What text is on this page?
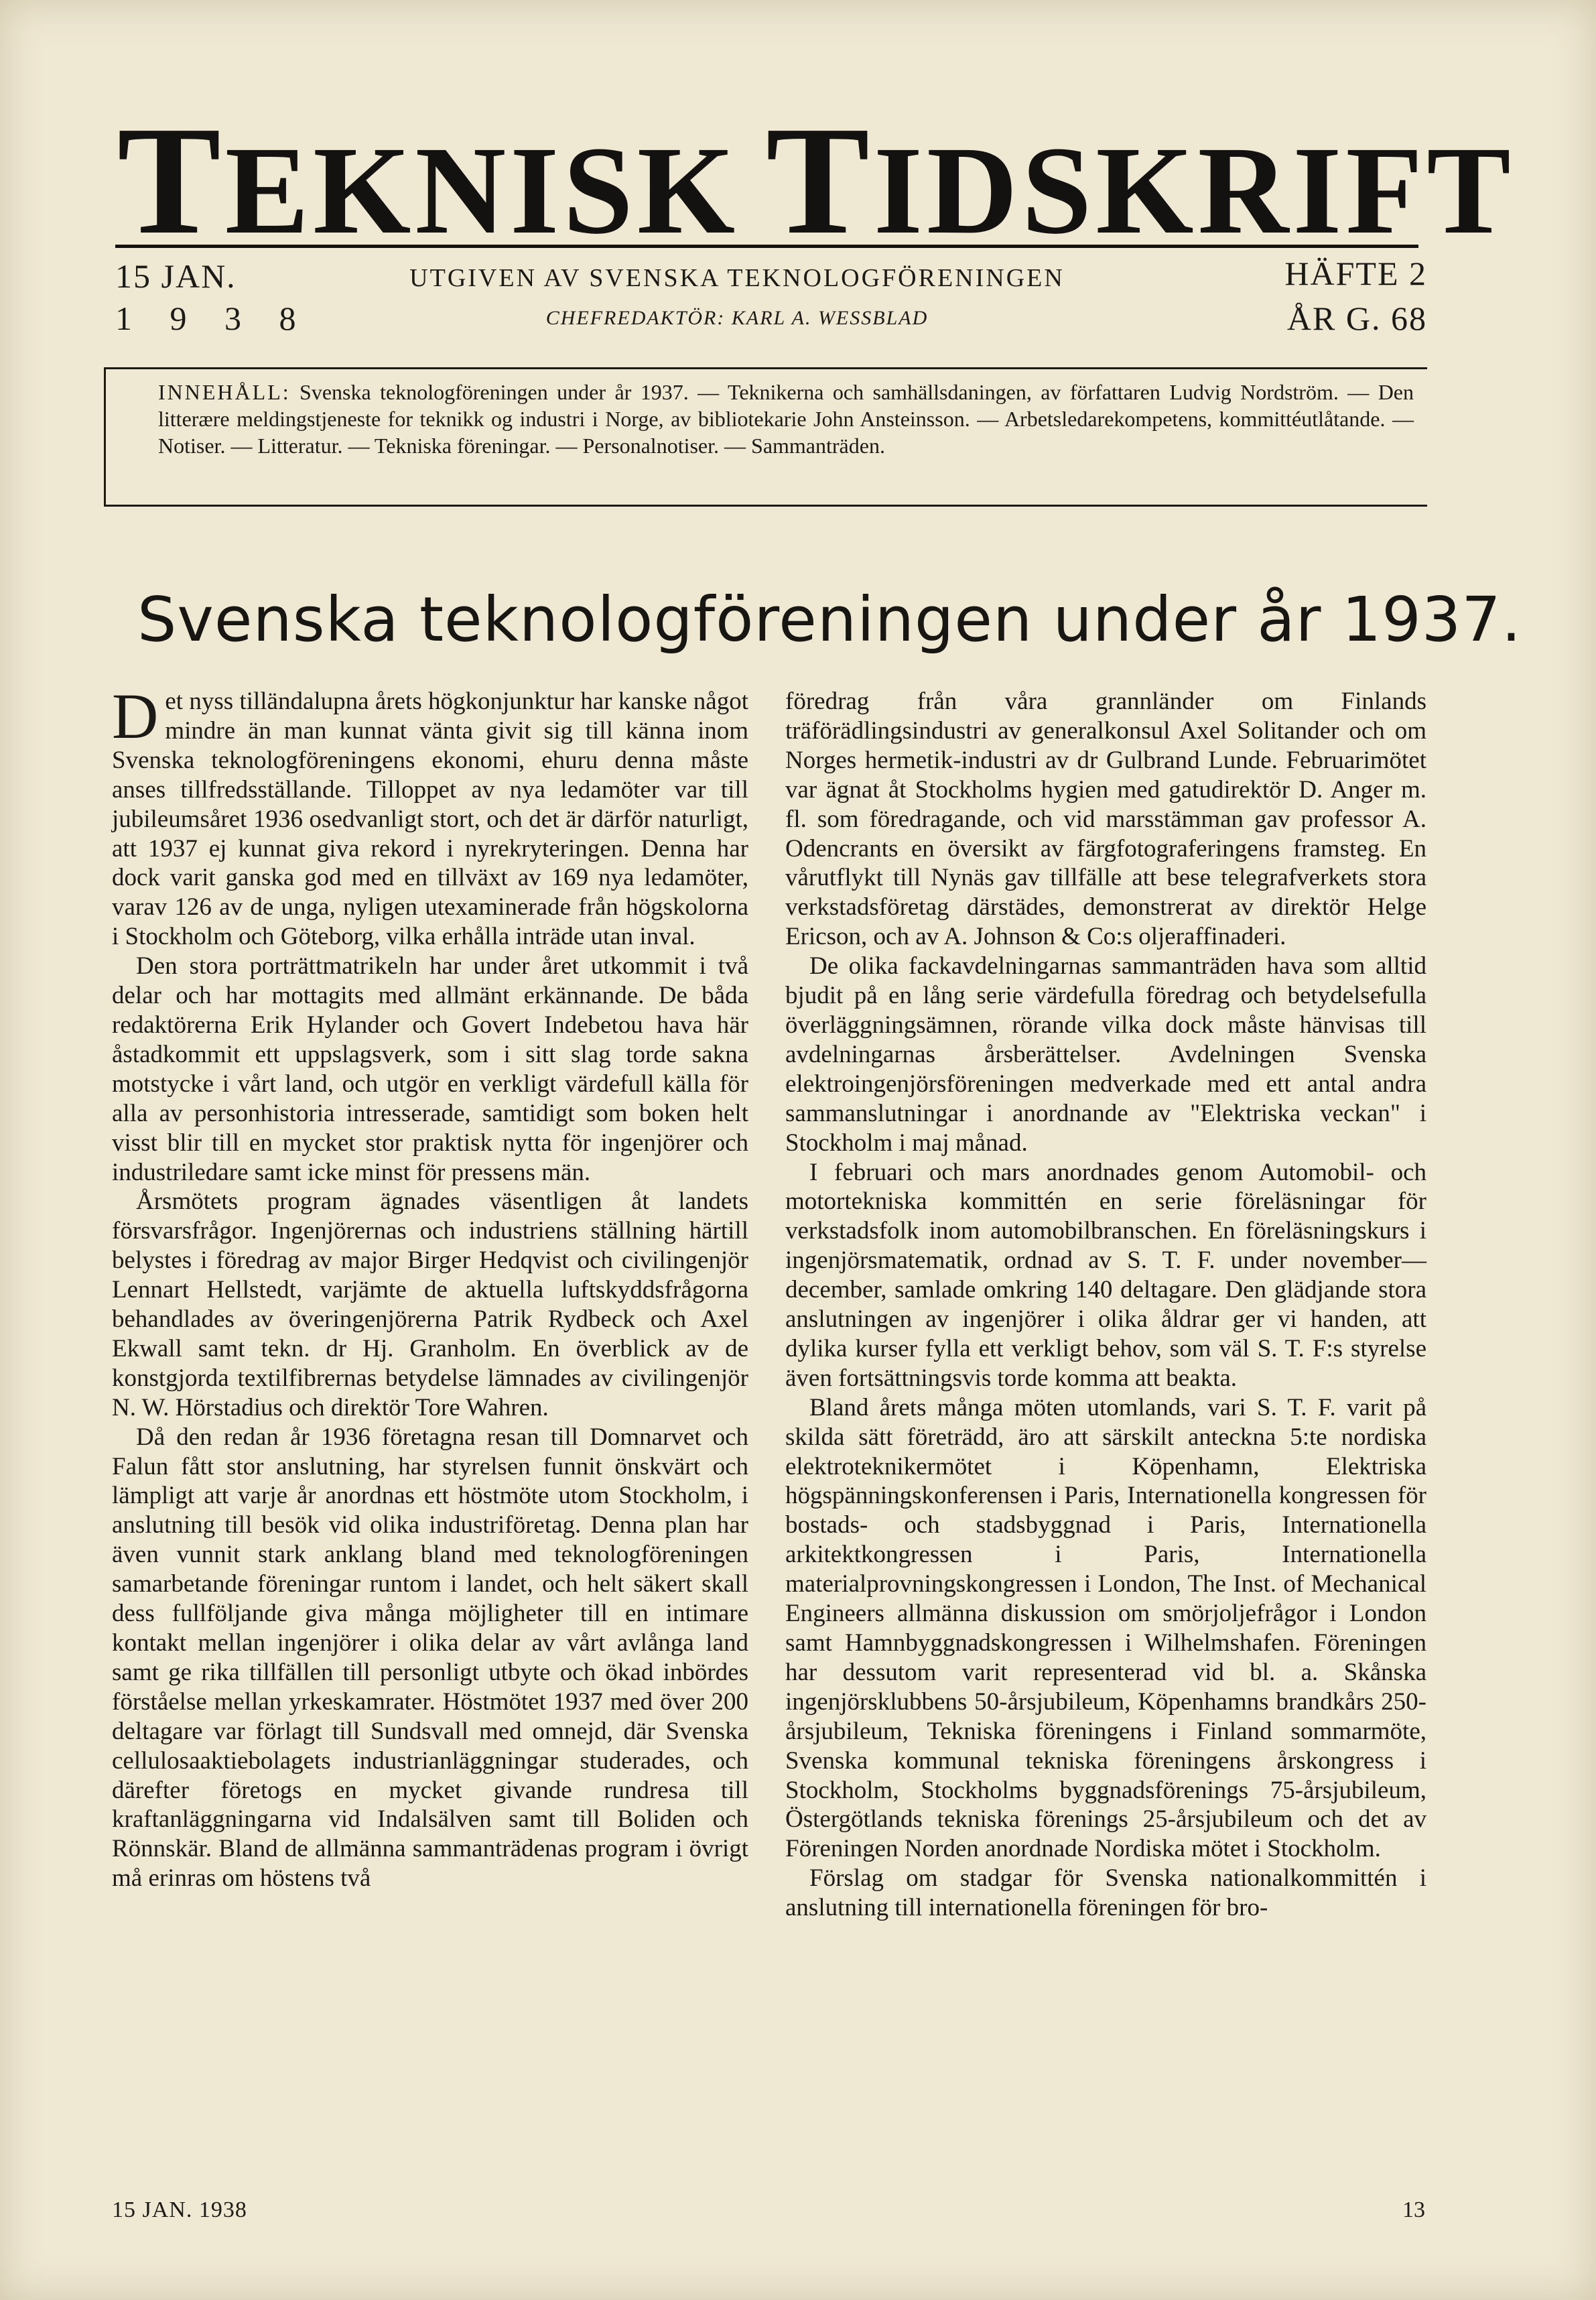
TEKNISK TIDSKRIFT
15 JAN.
1 9 3 8
UTGIVEN AV SVENSKA TEKNOLOGFÖRENINGEN
CHEFREDAKTÖR: KARL A. WESSBLAD
HÄFTE 2
ÅR G. 68
INNEHÅLL: Svenska teknologföreningen under år 1937. — Teknikerna och samhällsdaningen, av författaren Ludvig Nordström. — Den litterære meldingstjeneste for teknikk og industri i Norge, av bibliotekarie John Ansteinsson. — Arbetsledarekompetens, kommittéutlåtande. — Notiser. — Litteratur. — Tekniska föreningar. — Personalnotiser. — Sammanträden.
Svenska teknologföreningen under år 1937.

Det nyss tilländalupna årets högkonjunktur har kanske något mindre än man kunnat vänta givit sig till känna inom Svenska teknologföreningens ekonomi, ehuru denna måste anses tillfredsställande. Tilloppet av nya ledamöter var till jubileumsåret 1936 osedvanligt stort, och det är därför naturligt, att 1937 ej kunnat giva rekord i nyrekryteringen. Denna har dock varit ganska god med en tillväxt av 169 nya ledamöter, varav 126 av de unga, nyligen utexaminerade från högskolorna i Stockholm och Göteborg, vilka erhålla inträde utan inval.

Den stora porträttmatrikeln har under året utkommit i två delar och har mottagits med allmänt erkännande. De båda redaktörerna Erik Hylander och Govert Indebetou hava här åstadkommit ett uppslagsverk, som i sitt slag torde sakna motstycke i vårt land, och utgör en verkligt värdefull källa för alla av personhistoria intresserade, samtidigt som boken helt visst blir till en mycket stor praktisk nytta för ingenjörer och industriledare samt icke minst för pressens män.

Årsmötets program ägnades väsentligen åt landets försvarsfrågor. Ingenjörernas och industriens ställning härtill belystes i föredrag av major Birger Hedqvist och civilingenjör Lennart Hellstedt, varjämte de aktuella luftskyddsfrågorna behandlades av överingenjörerna Patrik Rydbeck och Axel Ekwall samt tekn. dr Hj. Granholm. En överblick av de konstgjorda textilfibrernas betydelse lämnades av civilingenjör N. W. Hörstadius och direktör Tore Wahren.

Då den redan år 1936 företagna resan till Domnarvet och Falun fått stor anslutning, har styrelsen funnit önskvärt och lämpligt att varje år anordnas ett höstmöte utom Stockholm, i anslutning till besök vid olika industriföretag. Denna plan har även vunnit stark anklang bland med teknologföreningen samarbetande föreningar runtom i landet, och helt säkert skall dess fullföljande giva många möjligheter till en intimare kontakt mellan ingenjörer i olika delar av vårt avlånga land samt ge rika tillfällen till personligt utbyte och ökad inbördes förståelse mellan yrkeskamrater. Höstmötet 1937 med över 200 deltagare var förlagt till Sundsvall med omnejd, där Svenska cellulosaaktiebolagets industrianläggningar studerades, och därefter företogs en mycket givande rundresa till kraftanläggningarna vid Indalsälven samt till Boliden och Rönnskär. Bland de allmänna sammanträdenas program i övrigt må erinras om höstens två

föredrag från våra grannländer om Finlands träförädlingsindustri av generalkonsul Axel Solitander och om Norges hermetik-industri av dr Gulbrand Lunde. Februarimötet var ägnat åt Stockholms hygien med gatudirektör D. Anger m. fl. som föredragande, och vid marsstämman gav professor A. Odencrants en översikt av färgfotograferingens framsteg. En vårutflykt till Nynäs gav tillfälle att bese telegrafverkets stora verkstadsföretag därstädes, demonstrerat av direktör Helge Ericson, och av A. Johnson & Co:s oljeraffinaderi.

De olika fackavdelningarnas sammanträden hava som alltid bjudit på en lång serie värdefulla föredrag och betydelsefulla överläggningsämnen, rörande vilka dock måste hänvisas till avdelningarnas årsberättelser. Avdelningen Svenska elektroingenjörsföreningen medverkade med ett antal andra sammanslutningar i anordnande av "Elektriska veckan" i Stockholm i maj månad.

I februari och mars anordnades genom Automobil- och motortekniska kommittén en serie föreläsningar för verkstadsfolk inom automobilbranschen. En föreläsningskurs i ingenjörsmatematik, ordnad av S. T. F. under november—december, samlade omkring 140 deltagare. Den glädjande stora anslutningen av ingenjörer i olika åldrar ger vi handen, att dylika kurser fylla ett verkligt behov, som väl S. T. F:s styrelse även fortsättningsvis torde komma att beakta.

Bland årets många möten utomlands, vari S. T. F. varit på skilda sätt företrädd, äro att särskilt anteckna 5:te nordiska elektroteknikermötet i Köpenhamn, Elektriska högspänningskonferensen i Paris, Internationella kongressen för bostads- och stadsbyggnad i Paris, Internationella arkitektkongressen i Paris, Internationella materialprovningskongressen i London, The Inst. of Mechanical Engineers allmänna diskussion om smörjoljefrågor i London samt Hamnbyggnadskongressen i Wilhelmshafen. Föreningen har dessutom varit representerad vid bl. a. Skånska ingenjörsklubbens 50-årsjubileum, Köpenhamns brandkårs 250-årsjubileum, Tekniska föreningens i Finland sommarmöte, Svenska kommunal tekniska föreningens årskongress i Stockholm, Stockholms byggnadsförenings 75-årsjubileum, Östergötlands tekniska förenings 25-årsjubileum och det av Föreningen Norden anordnade Nordiska mötet i Stockholm.

Förslag om stadgar för Svenska nationalkommittén i anslutning till internationella föreningen för bro-

15 JAN. 1938	13
